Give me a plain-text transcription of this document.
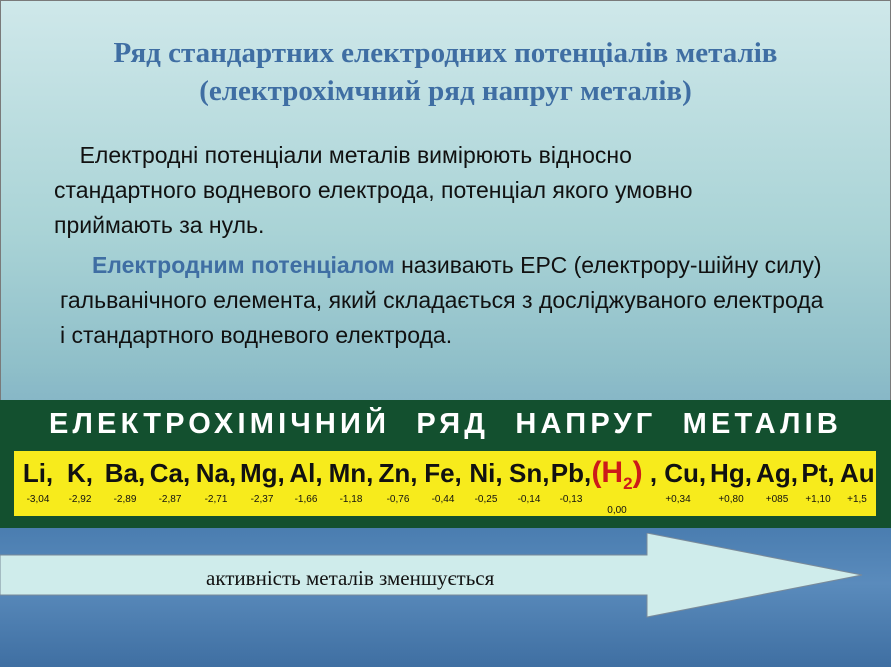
Ряд стандартних електродних потенціалів металів
(електрохімчний ряд напруг металів)
Електродні потенціали металів вимірюють відносно стандартного водневого електрода, потенціал якого умовно приймають за нуль.
Електродним потенціалом називають ЕРС (електрору-шійну силу) гальванічного елемента, який складається з досліджуваного електрода і стандартного водневого електрода.
ЕЛЕКТРОХІМІЧНИЙ РЯД НАПРУГ МЕТАЛІВ
Li,
-3,04
K,
-2,92
Ba,
-2,89
Ca,
-2,87
Na,
-2,71
Mg,
-2,37
Al,
-1,66
Mn,
-1,18
Zn,
-0,76
Fe,
-0,44
Ni,
-0,25
Sn,
-0,14
Pb,
-0,13
$(H_2)$
0,00
, Cu,
+0,34
Hg,
+0,80
Ag,
+085
Pt,
+1,10
Au
+1,5
активність металів зменшується
